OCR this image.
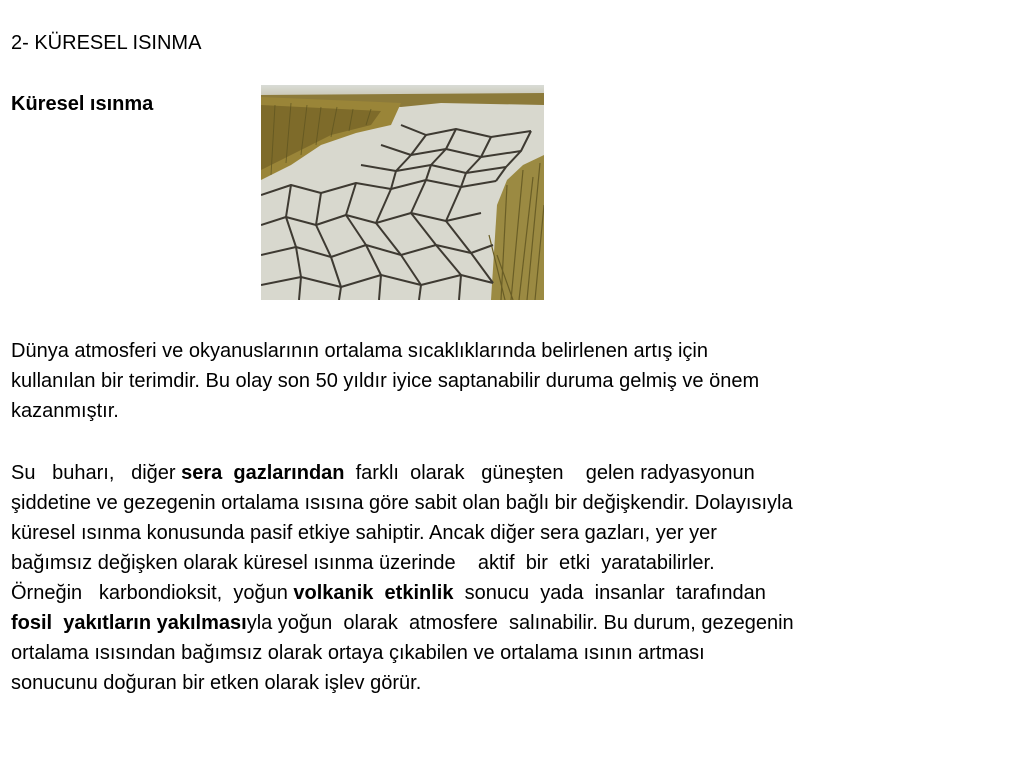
2- KÜRESEL ISINMA
Küresel ısınma

Dünya atmosferi ve okyanuslarının ortalama sıcaklıklarında belirlenen artış için
kullanılan bir terimdir. Bu olay son 50 yıldır iyice saptanabilir duruma gelmiş ve önem
kazanmıştır.

Su   buharı,   diğer sera  gazlarından  farklı  olarak   güneşten    gelen radyasyonun
şiddetine ve gezegenin ortalama ısısına göre sabit olan bağlı bir değişkendir. Dolayısıyla
küresel ısınma konusunda pasif etkiye sahiptir. Ancak diğer sera gazları, yer yer
bağımsız değişken olarak küresel ısınma üzerinde    aktif  bir  etki  yaratabilirler.
Örneğin   karbondioksit,  yoğun volkanik  etkinlik  sonucu  yada  insanlar  tarafından
fosil  yakıtların yakılmasıyla yoğun  olarak  atmosfere  salınabilir. Bu durum, gezegenin
ortalama ısısından bağımsız olarak ortaya çıkabilen ve ortalama ısının artması
sonucunu doğuran bir etken olarak işlev görür.
